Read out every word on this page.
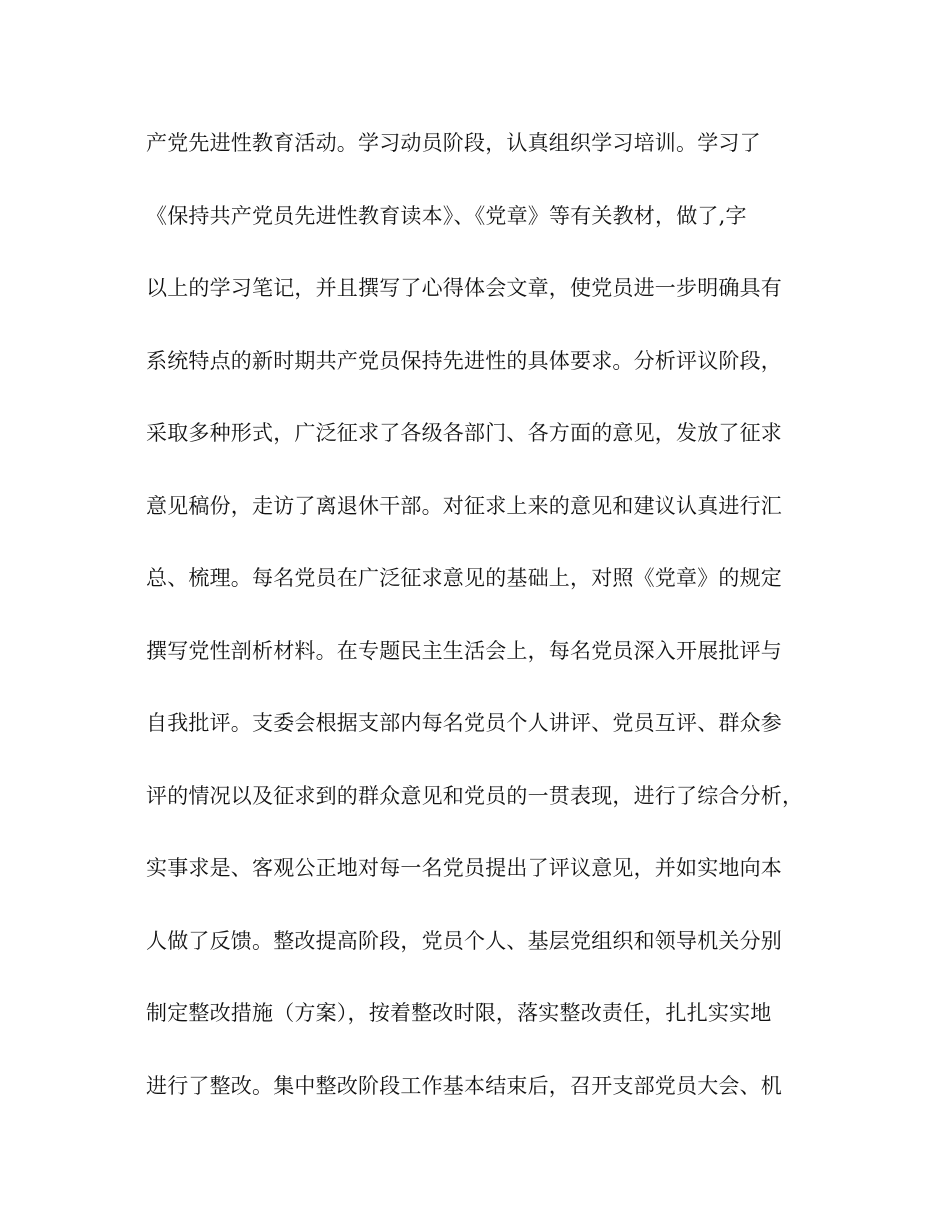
产党先进性教育活动。学习动员阶段，认真组织学习培训。学习了
《保持共产党员先进性教育读本》、《党章》等有关教材，做了,字
以上的学习笔记，并且撰写了心得体会文章，使党员进一步明确具有
系统特点的新时期共产党员保持先进性的具体要求。分析评议阶段，
采取多种形式，广泛征求了各级各部门、各方面的意见，发放了征求
意见稿份，走访了离退休干部。对征求上来的意见和建议认真进行汇
总、梳理。每名党员在广泛征求意见的基础上，对照《党章》的规定
撰写党性剖析材料。在专题民主生活会上，每名党员深入开展批评与
自我批评。支委会根据支部内每名党员个人讲评、党员互评、群众参
评的情况以及征求到的群众意见和党员的一贯表现，进行了综合分析，
实事求是、客观公正地对每一名党员提出了评议意见，并如实地向本
人做了反馈。整改提高阶段，党员个人、基层党组织和领导机关分别
制定整改措施（方案），按着整改时限，落实整改责任，扎扎实实地
进行了整改。集中整改阶段工作基本结束后，召开支部党员大会、机
